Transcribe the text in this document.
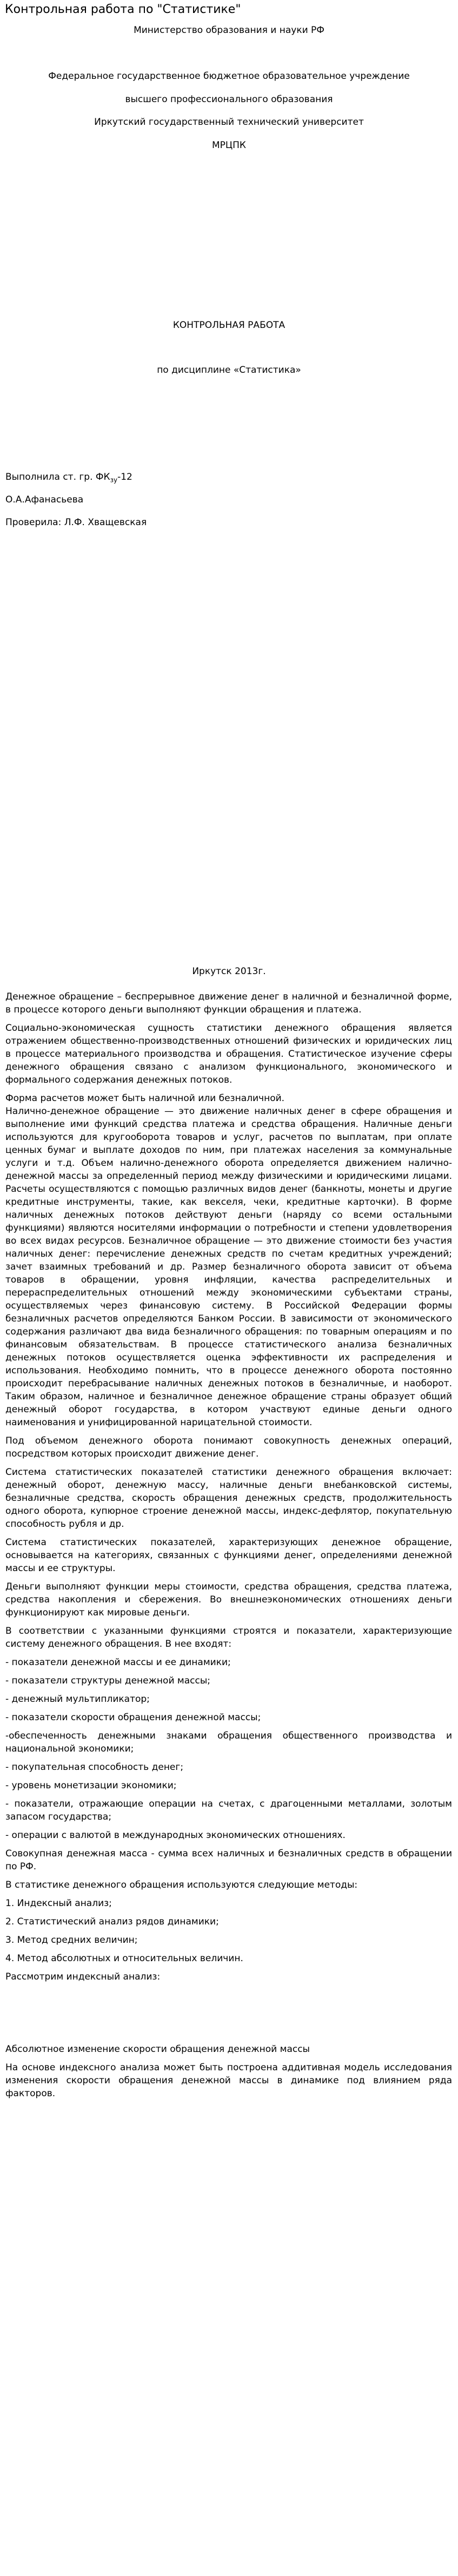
Контрольная работа по "Статистике"
Министерство образования и науки РФ
Федеральное государственное бюджетное образовательное учреждение
высшего профессионального образования
Иркутский государственный технический университет
МРЦПК
КОНТРОЛЬНАЯ РАБОТА
по дисциплине «Статистика»
Выполнила ст. гр. $ФК_{зу}-12$
О.А.Афанасьева
Проверила: Л.Ф. Хващевская
Иркутск 2013г.

Денежное обращение – беспрерывное движение денег в наличной и безналичной форме, в процессе которого деньги выполняют функции обращения и платежа.

Социально-экономическая сущность статистики денежного обращения является отражением общественно-производственных отношений физических и юридических лиц в процессе материального производства и обращения. Статистическое изучение сферы денежного обращения связано с анализом функционального, экономического и формального содержания денежных потоков.

Форма расчетов может быть наличной или безналичной.

Налично-денежное обращение — это движение наличных денег в сфере обращения и выполнение ими функций средства платежа и средства обращения. Наличные деньги используются для кругооборота товаров и услуг, расчетов по выплатам, при оплате ценных бумаг и выплате доходов по ним, при платежах населения за коммунальные услуги и т.д. Объем налично-денежного оборота определяется движением налично-денежной массы за определенный период между физическими и юридическими лицами. Расчеты осуществляются с помощью различных видов денег (банкноты, монеты и другие кредитные инструменты, такие, как векселя, чеки, кредитные карточки). В форме наличных денежных потоков действуют деньги (наряду со всеми остальными функциями) являются носителями информации о потребности и степени удовлетворения во всех видах ресурсов. Безналичное обращение — это движение стоимости без участия наличных денег: перечисление денежных средств по счетам кредитных учреждений; зачет взаимных требований и др. Размер безналичного оборота зависит от объема товаров в обращении, уровня инфляции, качества распределительных и перераспределительных отношений между экономическими субъектами страны, осуществляемых через финансовую систему. В Российской Федерации формы безналичных расчетов определяются Банком России. В зависимости от экономического содержания различают два вида безналичного обращения: по товарным операциям и по финансовым обязательствам. В процессе статистического анализа безналичных денежных потоков осуществляется оценка эффективности их распределения и использования. Необходимо помнить, что в процессе денежного оборота постоянно происходит перебрасывание наличных денежных потоков в безналичные, и наоборот. Таким образом, наличное и безналичное денежное обращение страны образует общий денежный оборот государства, в котором участвуют единые деньги одного наименования и унифицированной нарицательной стоимости.

Под объемом денежного оборота понимают совокупность денежных операций, посредством которых происходит движение денег.

Система статистических показателей статистики денежного обращения включает: денежный оборот, денежную массу, наличные деньги внебанковской системы, безналичные средства, скорость обращения денежных средств, продолжительность одного оборота, купюрное строение денежной массы, индекс-дефлятор, покупательную способность рубля и др.

Система статистических показателей, характеризующих денежное обращение, основывается на категориях, связанных с функциями денег, определениями денежной массы и ее структуры.

Деньги выполняют функции меры стоимости, средства обращения, средства платежа, средства накопления и сбережения. Во внешнеэкономических отношениях деньги функционируют как мировые деньги.

В соответствии с указанными функциями строятся и показатели, характеризующие систему денежного обращения. В нее входят:

- показатели денежной массы и ее динамики;

- показатели структуры денежной массы;

- денежный мультипликатор;

- показатели скорости обращения денежной массы;

-обеспеченность денежными знаками обращения общественного производства и национальной экономики;

- покупательная способность денег;

- уровень монетизации экономики;

- показатели, отражающие операции на счетах, с драгоценными металлами, золотым запасом государства;

- операции с валютой в международных экономических отношениях.

Совокупная денежная масса - сумма всех наличных и безналичных средств в обращении по РФ.

В статистике денежного обращения используются следующие методы:

1. Индексный анализ;

2. Статистический анализ рядов динамики;

3. Метод средних величин;

4. Метод абсолютных и относительных величин.

Рассмотрим индексный анализ:

Абсолютное изменение скорости обращения денежной массы

На основе индексного анализа может быть построена аддитивная модель исследования изменения скорости обращения денежной массы в динамике под влиянием ряда факторов.
